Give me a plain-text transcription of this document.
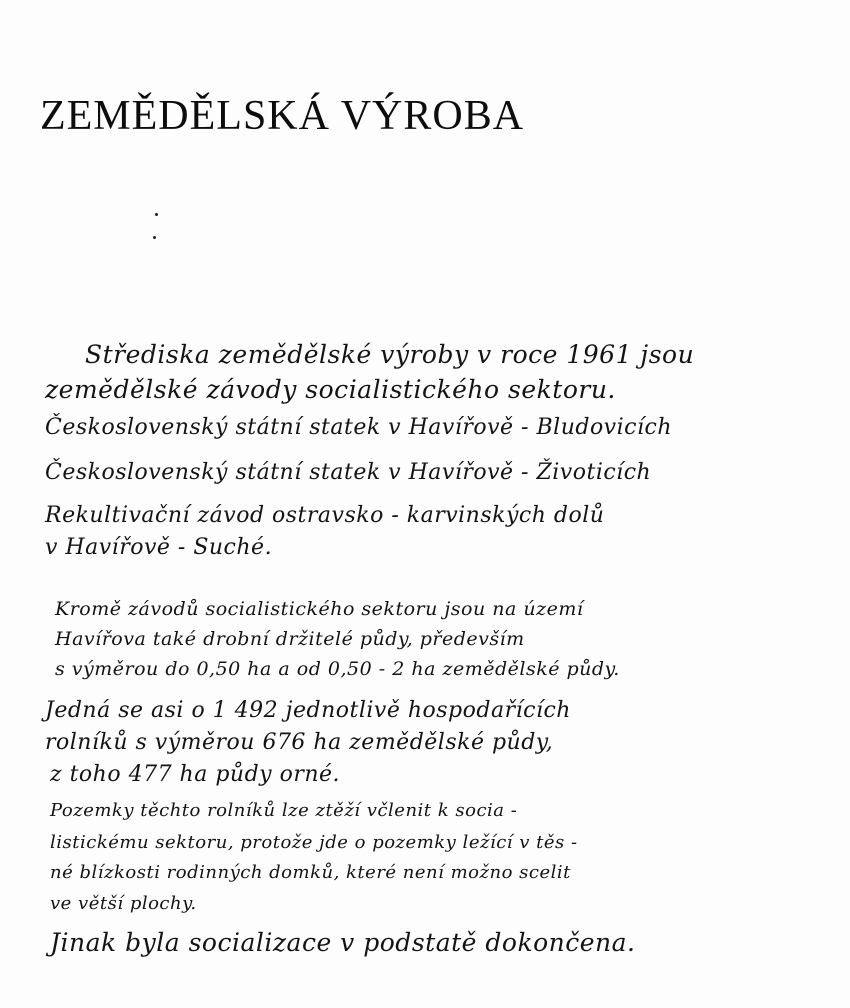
ZEMĚDĚLSKÁ VÝROBA
Střediska zemědělské výroby v roce 1961 jsou
zemědělské závody socialistického sektoru.
Československý státní statek v Havířově - Bludovicích
Československý státní statek v Havířově - Životicích
Rekultivační závod ostravsko - karvinských dolů
v Havířově - Suché.
Kromě závodů socialistického sektoru jsou na území
Havířova také drobní držitelé půdy, především
s výměrou do 0,50 ha a od 0,50 - 2 ha zemědělské půdy.
Jedná se asi o 1 492 jednotlivě hospodařících
rolníků s výměrou 676 ha zemědělské půdy,
z toho 477 ha půdy orné.
Pozemky těchto rolníků lze ztěží včlenit k socia -
listickému sektoru, protože jde o pozemky ležící v těs -
né blízkosti rodinných domků, které není možno scelit
ve větší plochy.
Jinak byla socializace v podstatě dokončena.
